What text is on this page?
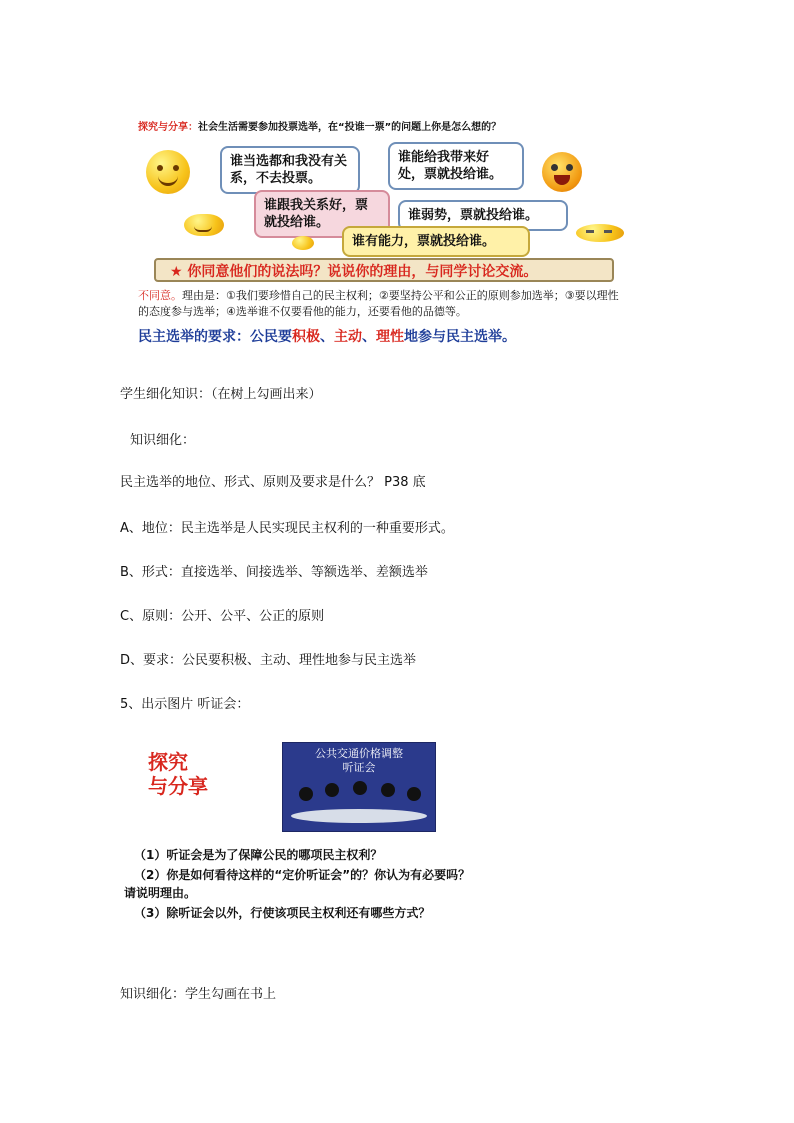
探究与分享：社会生活需要参加投票选举，在“投谁一票”的问题上你是怎么想的？
谁当选都和我没有关系，不去投票。
谁能给我带来好处，票就投给谁。
谁跟我关系好，票就投给谁。	谁弱势，票就投给谁。
谁有能力，票就投给谁。
★ 你同意他们的说法吗？说说你的理由，与同学讨论交流。
不同意。理由是：①我们要珍惜自己的民主权利；②要坚持公平和公正的原则参加选举；③要以理性的态度参与选举；④选举谁不仅要看他的能力，还要看他的品德等。
民主选举的要求：公民要积极、主动、理性地参与民主选举。
学生细化知识：（在树上勾画出来）
知识细化：
民主选举的地位、形式、原则及要求是什么？ P38 底
A、地位：民主选举是人民实现民主权利的一种重要形式。
B、形式：直接选举、间接选举、等额选举、差额选举
C、原则：公开、公平、公正的原则
D、要求：公民要积极、主动、理性地参与民主选举
5、出示图片 听证会：
探究
与分享
公共交通价格调整
听证会
（1）听证会是为了保障公民的哪项民主权利？
（2）你是如何看待这样的“定价听证会”的？你认为有必要吗？
请说明理由。
（3）除听证会以外，行使该项民主权利还有哪些方式？
知识细化：学生勾画在书上
